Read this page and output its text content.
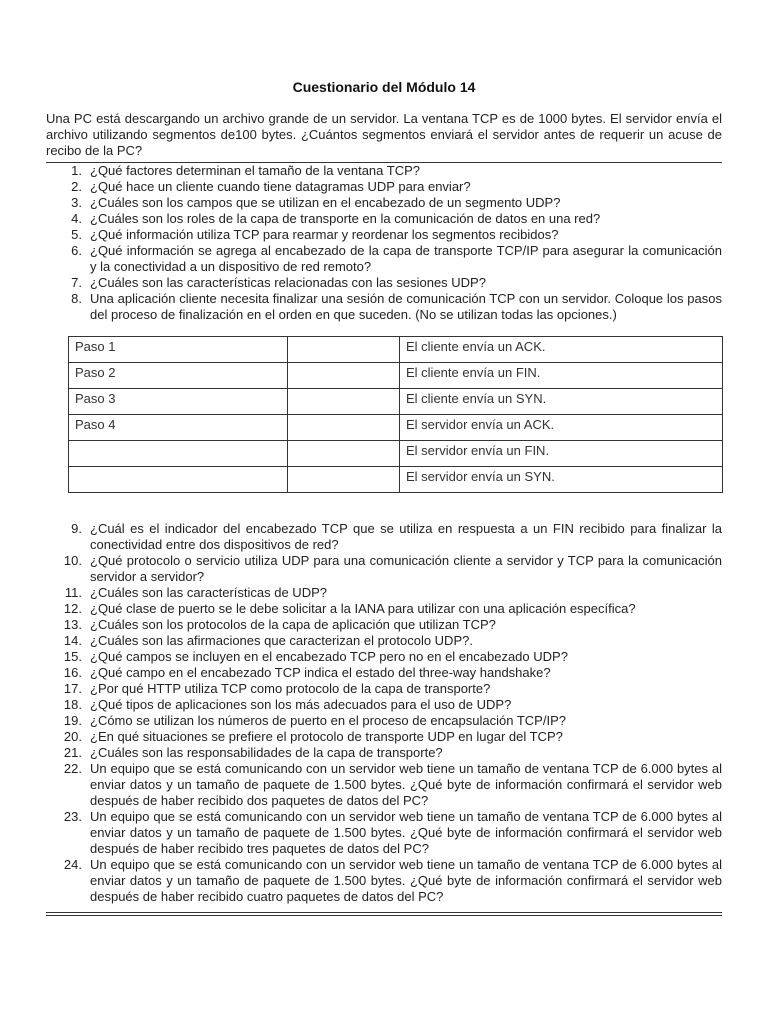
Cuestionario del Módulo 14

Una PC está descargando un archivo grande de un servidor. La ventana TCP es de 1000 bytes. El servidor envía el archivo utilizando segmentos de100 bytes. ¿Cuántos segmentos enviará el servidor antes de requerir un acuse de recibo de la PC?

1. ¿Qué factores determinan el tamaño de la ventana TCP?
2. ¿Qué hace un cliente cuando tiene datagramas UDP para enviar?
3. ¿Cuáles son los campos que se utilizan en el encabezado de un segmento UDP?
4. ¿Cuáles son los roles de la capa de transporte en la comunicación de datos en una red?
5. ¿Qué información utiliza TCP para rearmar y reordenar los segmentos recibidos?
6. ¿Qué información se agrega al encabezado de la capa de transporte TCP/IP para asegurar la comunicación y la conectividad a un dispositivo de red remoto?
7. ¿Cuáles son las características relacionadas con las sesiones UDP?
8. Una aplicación cliente necesita finalizar una sesión de comunicación TCP con un servidor. Coloque los pasos del proceso de finalización en el orden en que suceden. (No se utilizan todas las opciones.)
Paso 1		El cliente envía un ACK.
Paso 2		El cliente envía un FIN.
Paso 3		El cliente envía un SYN.
Paso 4		El servidor envía un ACK.
		El servidor envía un FIN.
		El servidor envía un SYN.
9. ¿Cuál es el indicador del encabezado TCP que se utiliza en respuesta a un FIN recibido para finalizar la conectividad entre dos dispositivos de red?
10. ¿Qué protocolo o servicio utiliza UDP para una comunicación cliente a servidor y TCP para la comunicación servidor a servidor?
11. ¿Cuáles son las características de UDP?
12. ¿Qué clase de puerto se le debe solicitar a la IANA para utilizar con una aplicación específica?
13. ¿Cuáles son los protocolos de la capa de aplicación que utilizan TCP?
14. ¿Cuáles son las afirmaciones que caracterizan el protocolo UDP?.
15. ¿Qué campos se incluyen en el encabezado TCP pero no en el encabezado UDP?
16. ¿Qué campo en el encabezado TCP indica el estado del three-way handshake?
17. ¿Por qué HTTP utiliza TCP como protocolo de la capa de transporte?
18. ¿Qué tipos de aplicaciones son los más adecuados para el uso de UDP?
19. ¿Cómo se utilizan los números de puerto en el proceso de encapsulación TCP/IP?
20. ¿En qué situaciones se prefiere el protocolo de transporte UDP en lugar del TCP?
21. ¿Cuáles son las responsabilidades de la capa de transporte?
22. Un equipo que se está comunicando con un servidor web tiene un tamaño de ventana TCP de 6.000 bytes al enviar datos y un tamaño de paquete de 1.500 bytes. ¿Qué byte de información confirmará el servidor web después de haber recibido dos paquetes de datos del PC?
23. Un equipo que se está comunicando con un servidor web tiene un tamaño de ventana TCP de 6.000 bytes al enviar datos y un tamaño de paquete de 1.500 bytes. ¿Qué byte de información confirmará el servidor web después de haber recibido tres paquetes de datos del PC?
24. Un equipo que se está comunicando con un servidor web tiene un tamaño de ventana TCP de 6.000 bytes al enviar datos y un tamaño de paquete de 1.500 bytes. ¿Qué byte de información confirmará el servidor web después de haber recibido cuatro paquetes de datos del PC?
